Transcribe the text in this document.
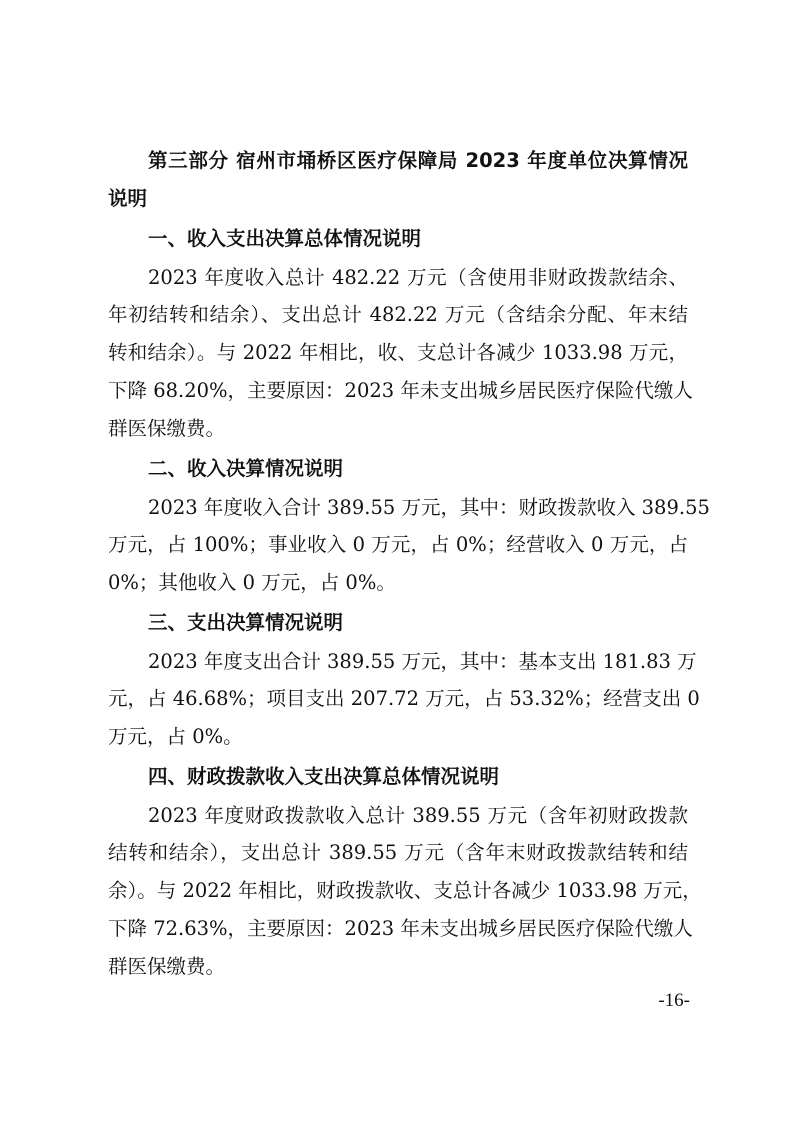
第三部分 宿州市埇桥区医疗保障局 2023 年度单位决算情况
说明
一、收入支出决算总体情况说明
2023 年度收入总计 482.22 万元（含使用非财政拨款结余、
年初结转和结余）、支出总计 482.22 万元（含结余分配、年末结
转和结余）。与 2022 年相比，收、支总计各减少 1033.98 万元，
下降 68.20%，主要原因：2023 年未支出城乡居民医疗保险代缴人
群医保缴费。
二、收入决算情况说明
2023 年度收入合计 389.55 万元，其中：财政拨款收入 389.55
万元，占 100%；事业收入 0 万元，占 0%；经营收入 0 万元，占
0%；其他收入 0 万元，占 0%。
三、支出决算情况说明
2023 年度支出合计 389.55 万元，其中：基本支出 181.83 万
元，占 46.68%；项目支出 207.72 万元，占 53.32%；经营支出 0
万元，占 0%。
四、财政拨款收入支出决算总体情况说明
2023 年度财政拨款收入总计 389.55 万元（含年初财政拨款
结转和结余），支出总计 389.55 万元（含年末财政拨款结转和结
余）。与 2022 年相比，财政拨款收、支总计各减少 1033.98 万元，
下降 72.63%，主要原因：2023 年未支出城乡居民医疗保险代缴人
群医保缴费。
-16-
